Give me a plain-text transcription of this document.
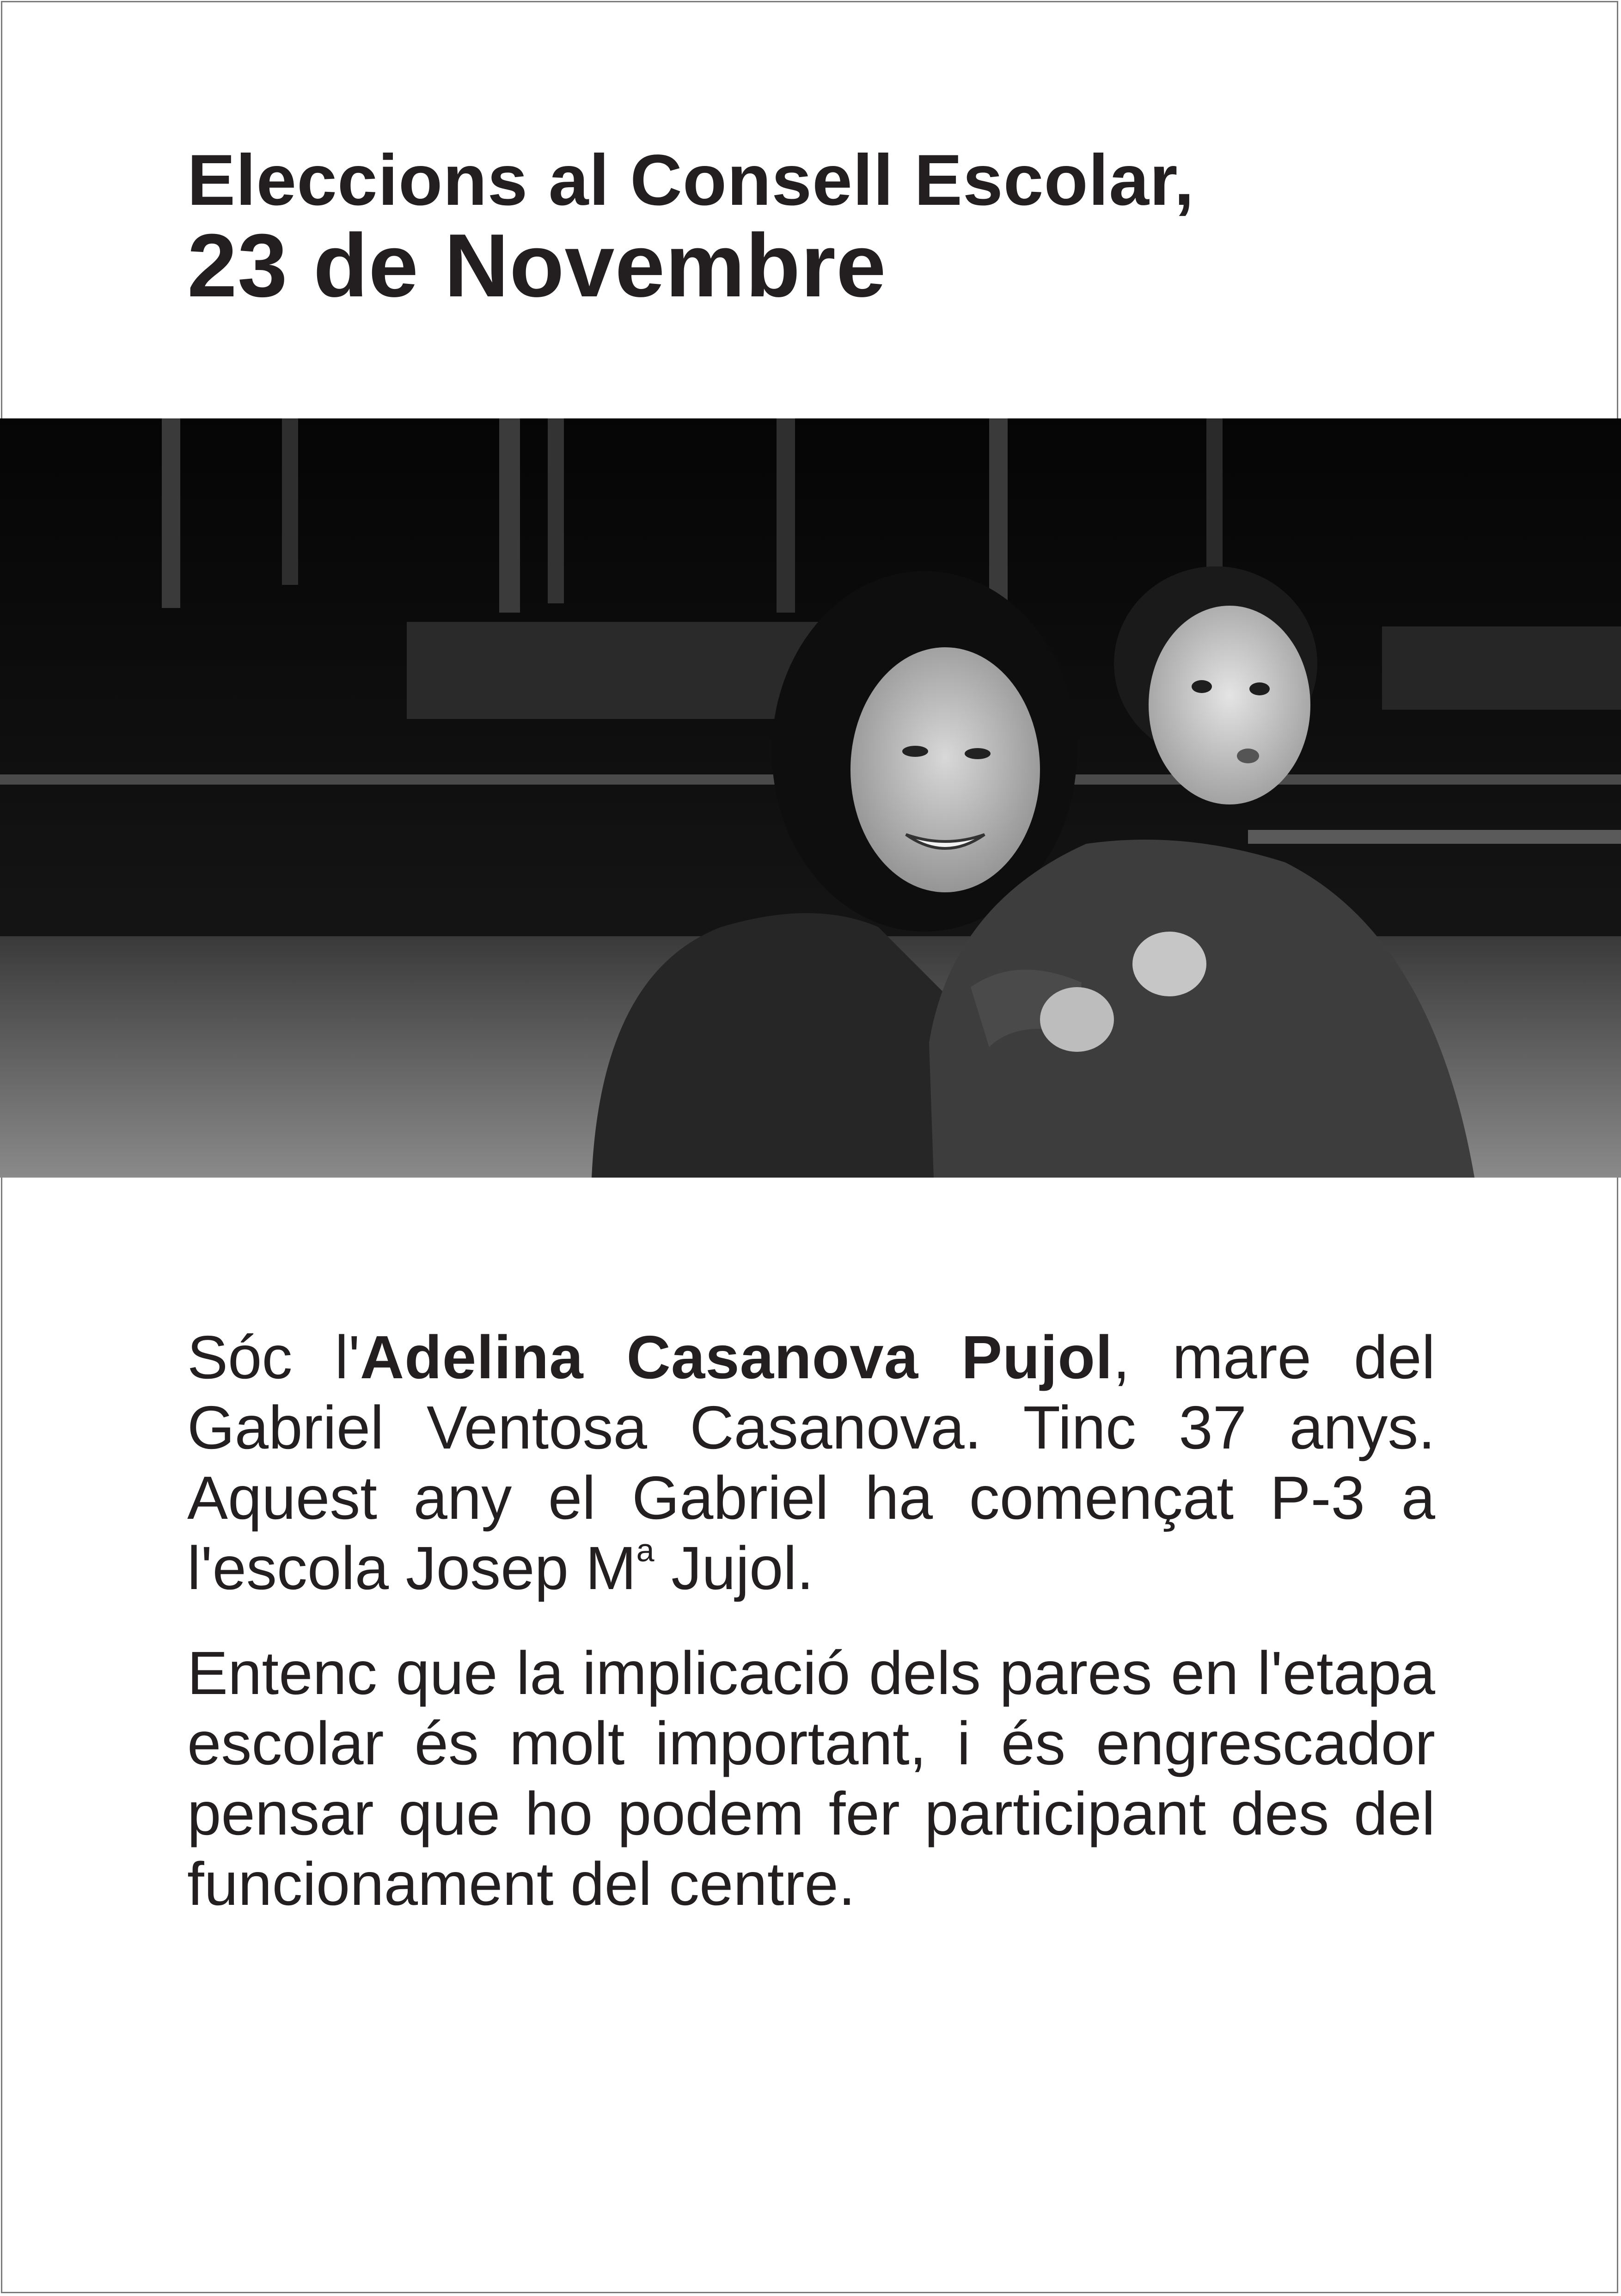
Eleccions al Consell Escolar,
23 de Novembre

Sóc l'Adelina Casanova Pujol, mare del Gabriel Ventosa Casanova. Tinc 37 anys. Aquest any el Gabriel ha començat P-3 a l'escola Josep $M^a$ Jujol.

Entenc que la implicació dels pares en l'etapa escolar és molt important, i és engrescador pensar que ho podem fer participant des del funcionament del centre.
